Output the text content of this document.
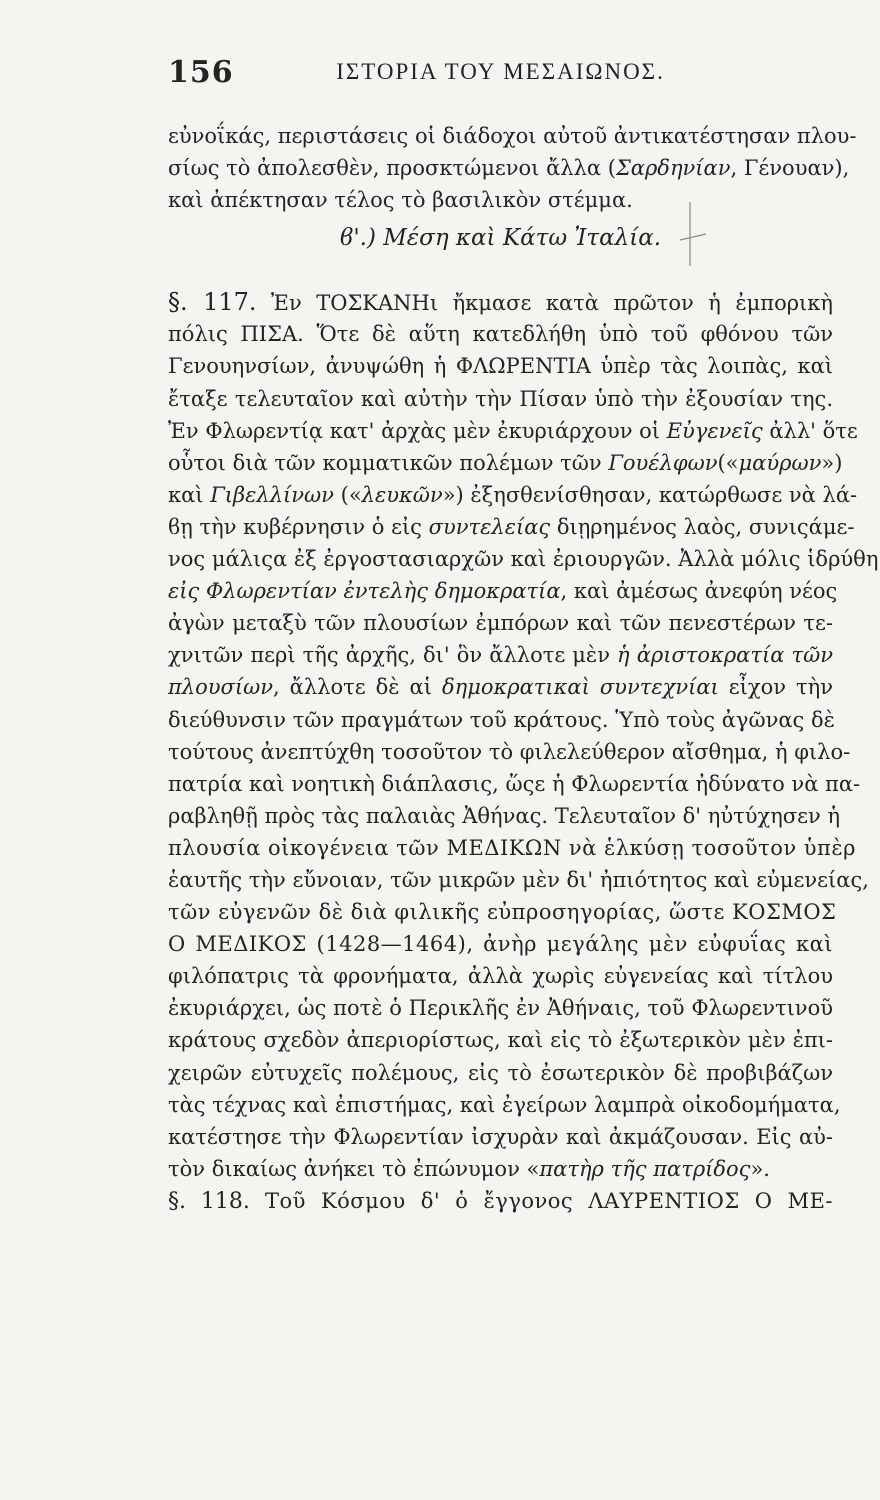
156	ΙΣΤΟΡΙΑ ΤΟΥ ΜΕΣΑΙΩΝΟΣ.
εὐνοΐκάς, περιστάσεις οἱ διάδοχοι αὐτοῦ ἀντικατέστησαν πλου-
σίως τὸ ἀπολεσθὲν, προσκτώμενοι ἄλλα (Σαρδηνίαν, Γένουαν),
καὶ ἀπέκτησαν τέλος τὸ βασιλικὸν στέμμα.
ϐ'.) Μέση καὶ Κάτω Ἰταλία.
§. 117. Ἐν ΤΟΣΚΑΝΗι ἤκμασε κατὰ πρῶτον ἡ ἐμπορικὴ
πόλις ΠΙΣΑ. Ὅτε δὲ αὕτη κατεδλήθη ὑπὸ τοῦ φθόνου τῶν
Γενουηνσίων, ἀνυψώθη ἡ ΦΛΩΡΕΝΤΙΑ ὑπὲρ τὰς λοιπὰς, καὶ
ἔταξε τελευταῖον καὶ αὐτὴν τὴν Πίσαν ὑπὸ τὴν ἐξουσίαν της.
Ἐν Φλωρεντίᾳ κατ' ἀρχὰς μὲν ἐκυριάρχουν οἱ Εὐγενεῖς ἀλλ' ὅτε
οὗτοι διὰ τῶν κομματικῶν πολέμων τῶν Γουέλφων(«μαύρων»)
καὶ Γιβελλίνων («λευκῶν») ἐξησθενίσθησαν, κατώρθωσε νὰ λά-
ϐῃ τὴν κυβέρνησιν ὁ εἰς συντελείας διῃρημένος λαὸς, συνιςάμε-
νος μάλιςα ἐξ ἐργοστασιαρχῶν καὶ ἐριουργῶν. Ἀλλὰ μόλις ἱδρύθη
εἰς Φλωρεντίαν ἐντελὴς δημοκρατία, καὶ ἀμέσως ἀνεφύη νέος
ἀγὼν μεταξὺ τῶν πλουσίων ἐμπόρων καὶ τῶν πενεστέρων τε-
χνιτῶν περὶ τῆς ἀρχῆς, δι' ὃν ἄλλοτε μὲν ἡ ἀριστοκρατία τῶν
πλουσίων, ἄλλοτε δὲ αἱ δημοκρατικαὶ συντεχνίαι εἶχον τὴν
διεύθυνσιν τῶν πραγμάτων τοῦ κράτους. Ὑπὸ τοὺς ἀγῶνας δὲ
τούτους ἀνεπτύχθη τοσοῦτον τὸ φιλελεύθερον αἴσθημα, ἡ φιλο-
πατρία καὶ νοητικὴ διάπλασις, ὥςε ἡ Φλωρεντία ἠδύνατο νὰ πα-
ραβληθῇ πρὸς τὰς παλαιὰς Ἀθήνας. Τελευταῖον δ' ηὐτύχησεν ἡ
πλουσία οἰκογένεια τῶν ΜΕΔΙΚΩΝ νὰ ἑλκύσῃ τοσοῦτον ὑπὲρ
ἑαυτῆς τὴν εὔνοιαν, τῶν μικρῶν μὲν δι' ἠπιότητος καὶ εὐμενείας,
τῶν εὐγενῶν δὲ διὰ φιλικῆς εὐπροσηγορίας, ὥστε ΚΟΣΜΟΣ
Ο ΜΕΔΙΚΟΣ (1428—1464), ἀνὴρ μεγάλης μὲν εὐφυΐας καὶ
φιλόπατρις τὰ φρονήματα, ἀλλὰ χωρὶς εὐγενείας καὶ τίτλου
ἐκυριάρχει, ὡς ποτὲ ὁ Περικλῆς ἐν Ἀθήναις, τοῦ Φλωρεντινοῦ
κράτους σχεδὸν ἀπεριορίστως, καὶ εἰς τὸ ἐξωτερικὸν μὲν ἐπι-
χειρῶν εὐτυχεῖς πολέμους, εἰς τὸ ἐσωτερικὸν δὲ προβιβάζων
τὰς τέχνας καὶ ἐπιστήμας, καὶ ἐγείρων λαμπρὰ οἰκοδομήματα,
κατέστησε τὴν Φλωρεντίαν ἰσχυρὰν καὶ ἀκμάζουσαν. Εἰς αὐ-
τὸν δικαίως ἀνήκει τὸ ἐπώνυμον «πατὴρ τῆς πατρίδος».
§. 118. Τοῦ Κόσμου δ' ὁ ἔγγονος ΛΑΥΡΕΝΤΙΟΣ Ο ΜΕ-
